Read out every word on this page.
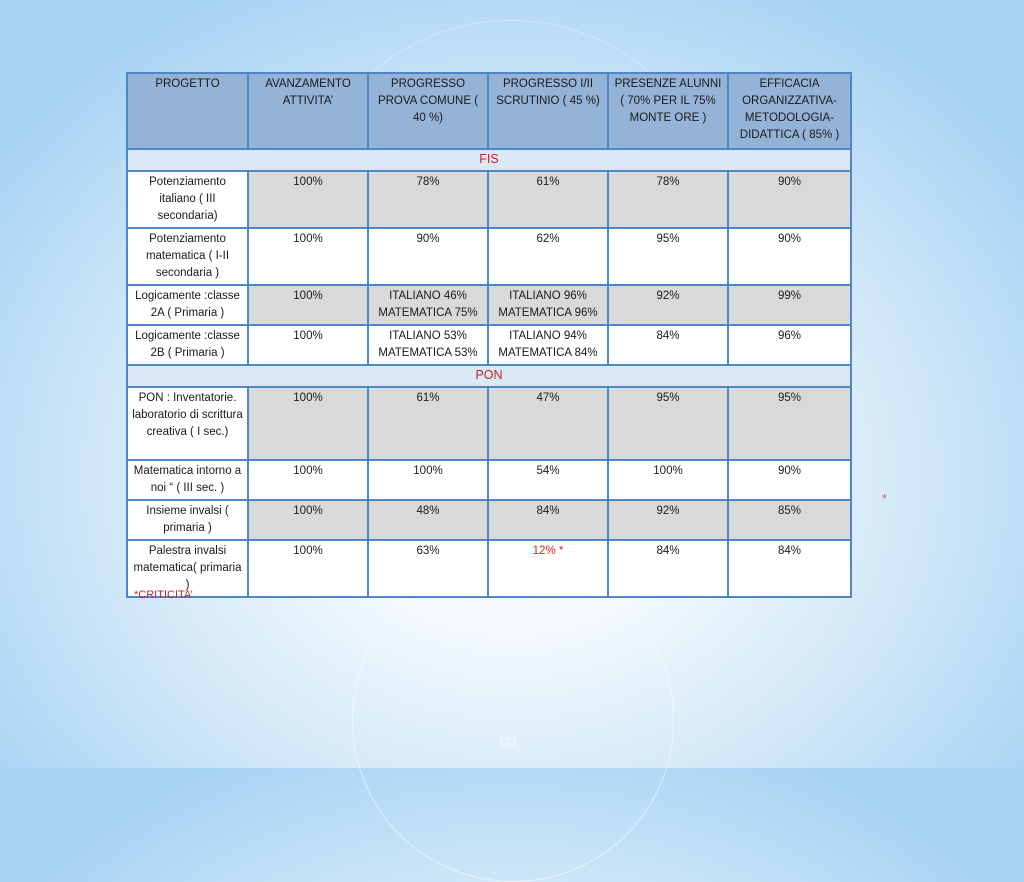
PROGETTO	AVANZAMENTO ATTIVITA’	PROGRESSO PROVA COMUNE ( 40 %)	PROGRESSO I/II SCRUTINIO ( 45 %)	PRESENZE ALUNNI ( 70% PER IL 75% MONTE ORE )	EFFICACIA ORGANIZZATIVA-METODOLOGIA-DIDATTICA ( 85% )
FIS					
Potenziamento italiano ( III secondaria)	100%	78%	61%	78%	90%
Potenziamento matematica ( I-II secondaria )	100%	90%	62%	95%	90%
Logicamente :classe 2A ( Primaria )	100%	ITALIANO 46% MATEMATICA 75%	ITALIANO 96% MATEMATICA 96%	92%	99%
Logicamente :classe 2B ( Primaria )	100%	ITALIANO 53% MATEMATICA 53%	ITALIANO 94% MATEMATICA 84%	84%	96%
PON					
PON : Inventatorie. laboratorio di scrittura creativa ( I sec.)	100%	61%	47%	95%	95%
Matematica intorno a noi “ ( III sec. )	100%	100%	54%	100%	90%
Insieme invalsi ( primaria )	100%	48%	84%	92%	85%
Palestra invalsi matematica( primaria )	100%	63%	12% *	84%	84%
*CRITICITA’
*
121
